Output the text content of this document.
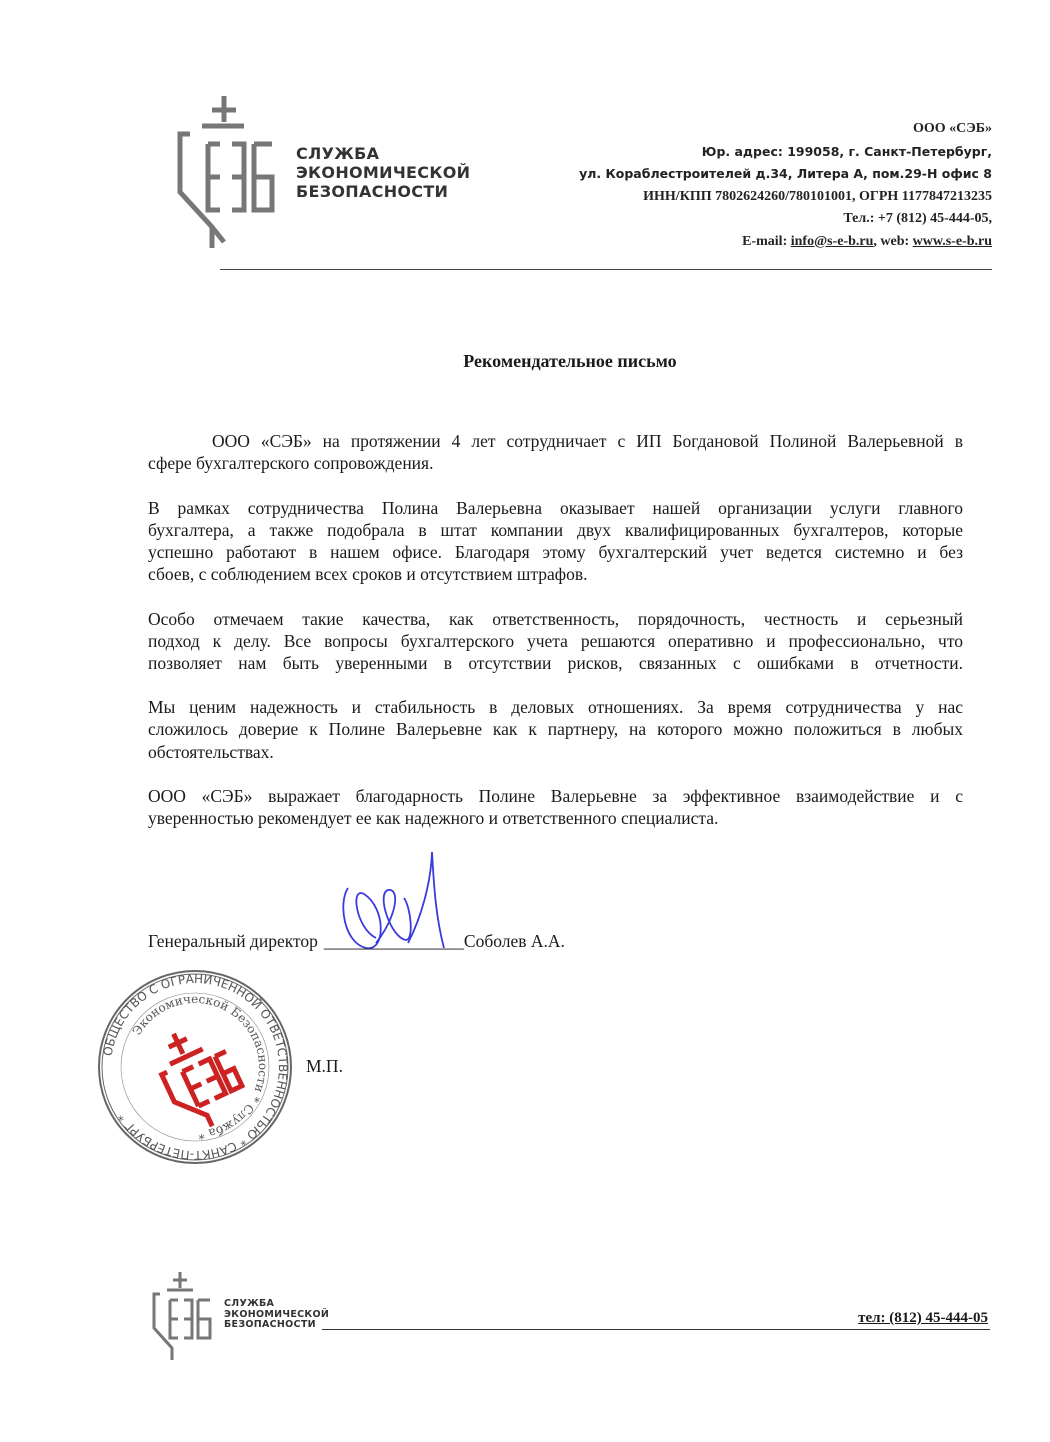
СЛУЖБА
ЭКОНОМИЧЕСКОЙ
БЕЗОПАСНОСТИ
ООО «СЭБ»
Юр. адрес: 199058, г. Санкт-Петербург,
ул. Кораблестроителей д.34, Литера А, пом.29-Н офис 8
ИНН/КПП 7802624260/780101001, ОГРН 1177847213235
Тел.: +7 (812) 45-444-05,
E-mail: info@s-e-b.ru, web: www.s-e-b.ru
Рекомендательное письмо
ООО «СЭБ» на протяжении 4 лет сотрудничает с ИП Богдановой Полиной Валерьевной в
сфере бухгалтерского сопровождения.
В рамках сотрудничества Полина Валерьевна оказывает нашей организации услуги главного
бухгалтера, а также подобрала в штат компании двух квалифицированных бухгалтеров, которые
успешно работают в нашем офисе. Благодаря этому бухгалтерский учет ведется системно и без
сбоев, с соблюдением всех сроков и отсутствием штрафов.
Особо отмечаем такие качества, как ответственность, порядочность, честность и серьезный
подход к делу. Все вопросы бухгалтерского учета решаются оперативно и профессионально, что
позволяет нам быть уверенными в отсутствии рисков, связанных с ошибками в отчетности.
Мы ценим надежность и стабильность в деловых отношениях. За время сотрудничества у нас
сложилось доверие к Полине Валерьевне как к партнеру, на которого можно положиться в любых
обстоятельствах.
ООО «СЭБ» выражает благодарность Полине Валерьевне за эффективное взаимодействие и с
уверенностью рекомендует ее как надежного и ответственного специалиста.
Генеральный директор ________________ Соболев А.А.
ОБЩЕСТВО С ОГРАНИЧЕННОЙ ОТВЕТСТВЕННОСТЬЮ * САНКТ-ПЕТЕРБУРГ *
Экономической Безопасности * Служба *
М.П.
СЛУЖБА
ЭКОНОМИЧЕСКОЙ
БЕЗОПАСНОСТИ	тел: (812) 45-444-05
